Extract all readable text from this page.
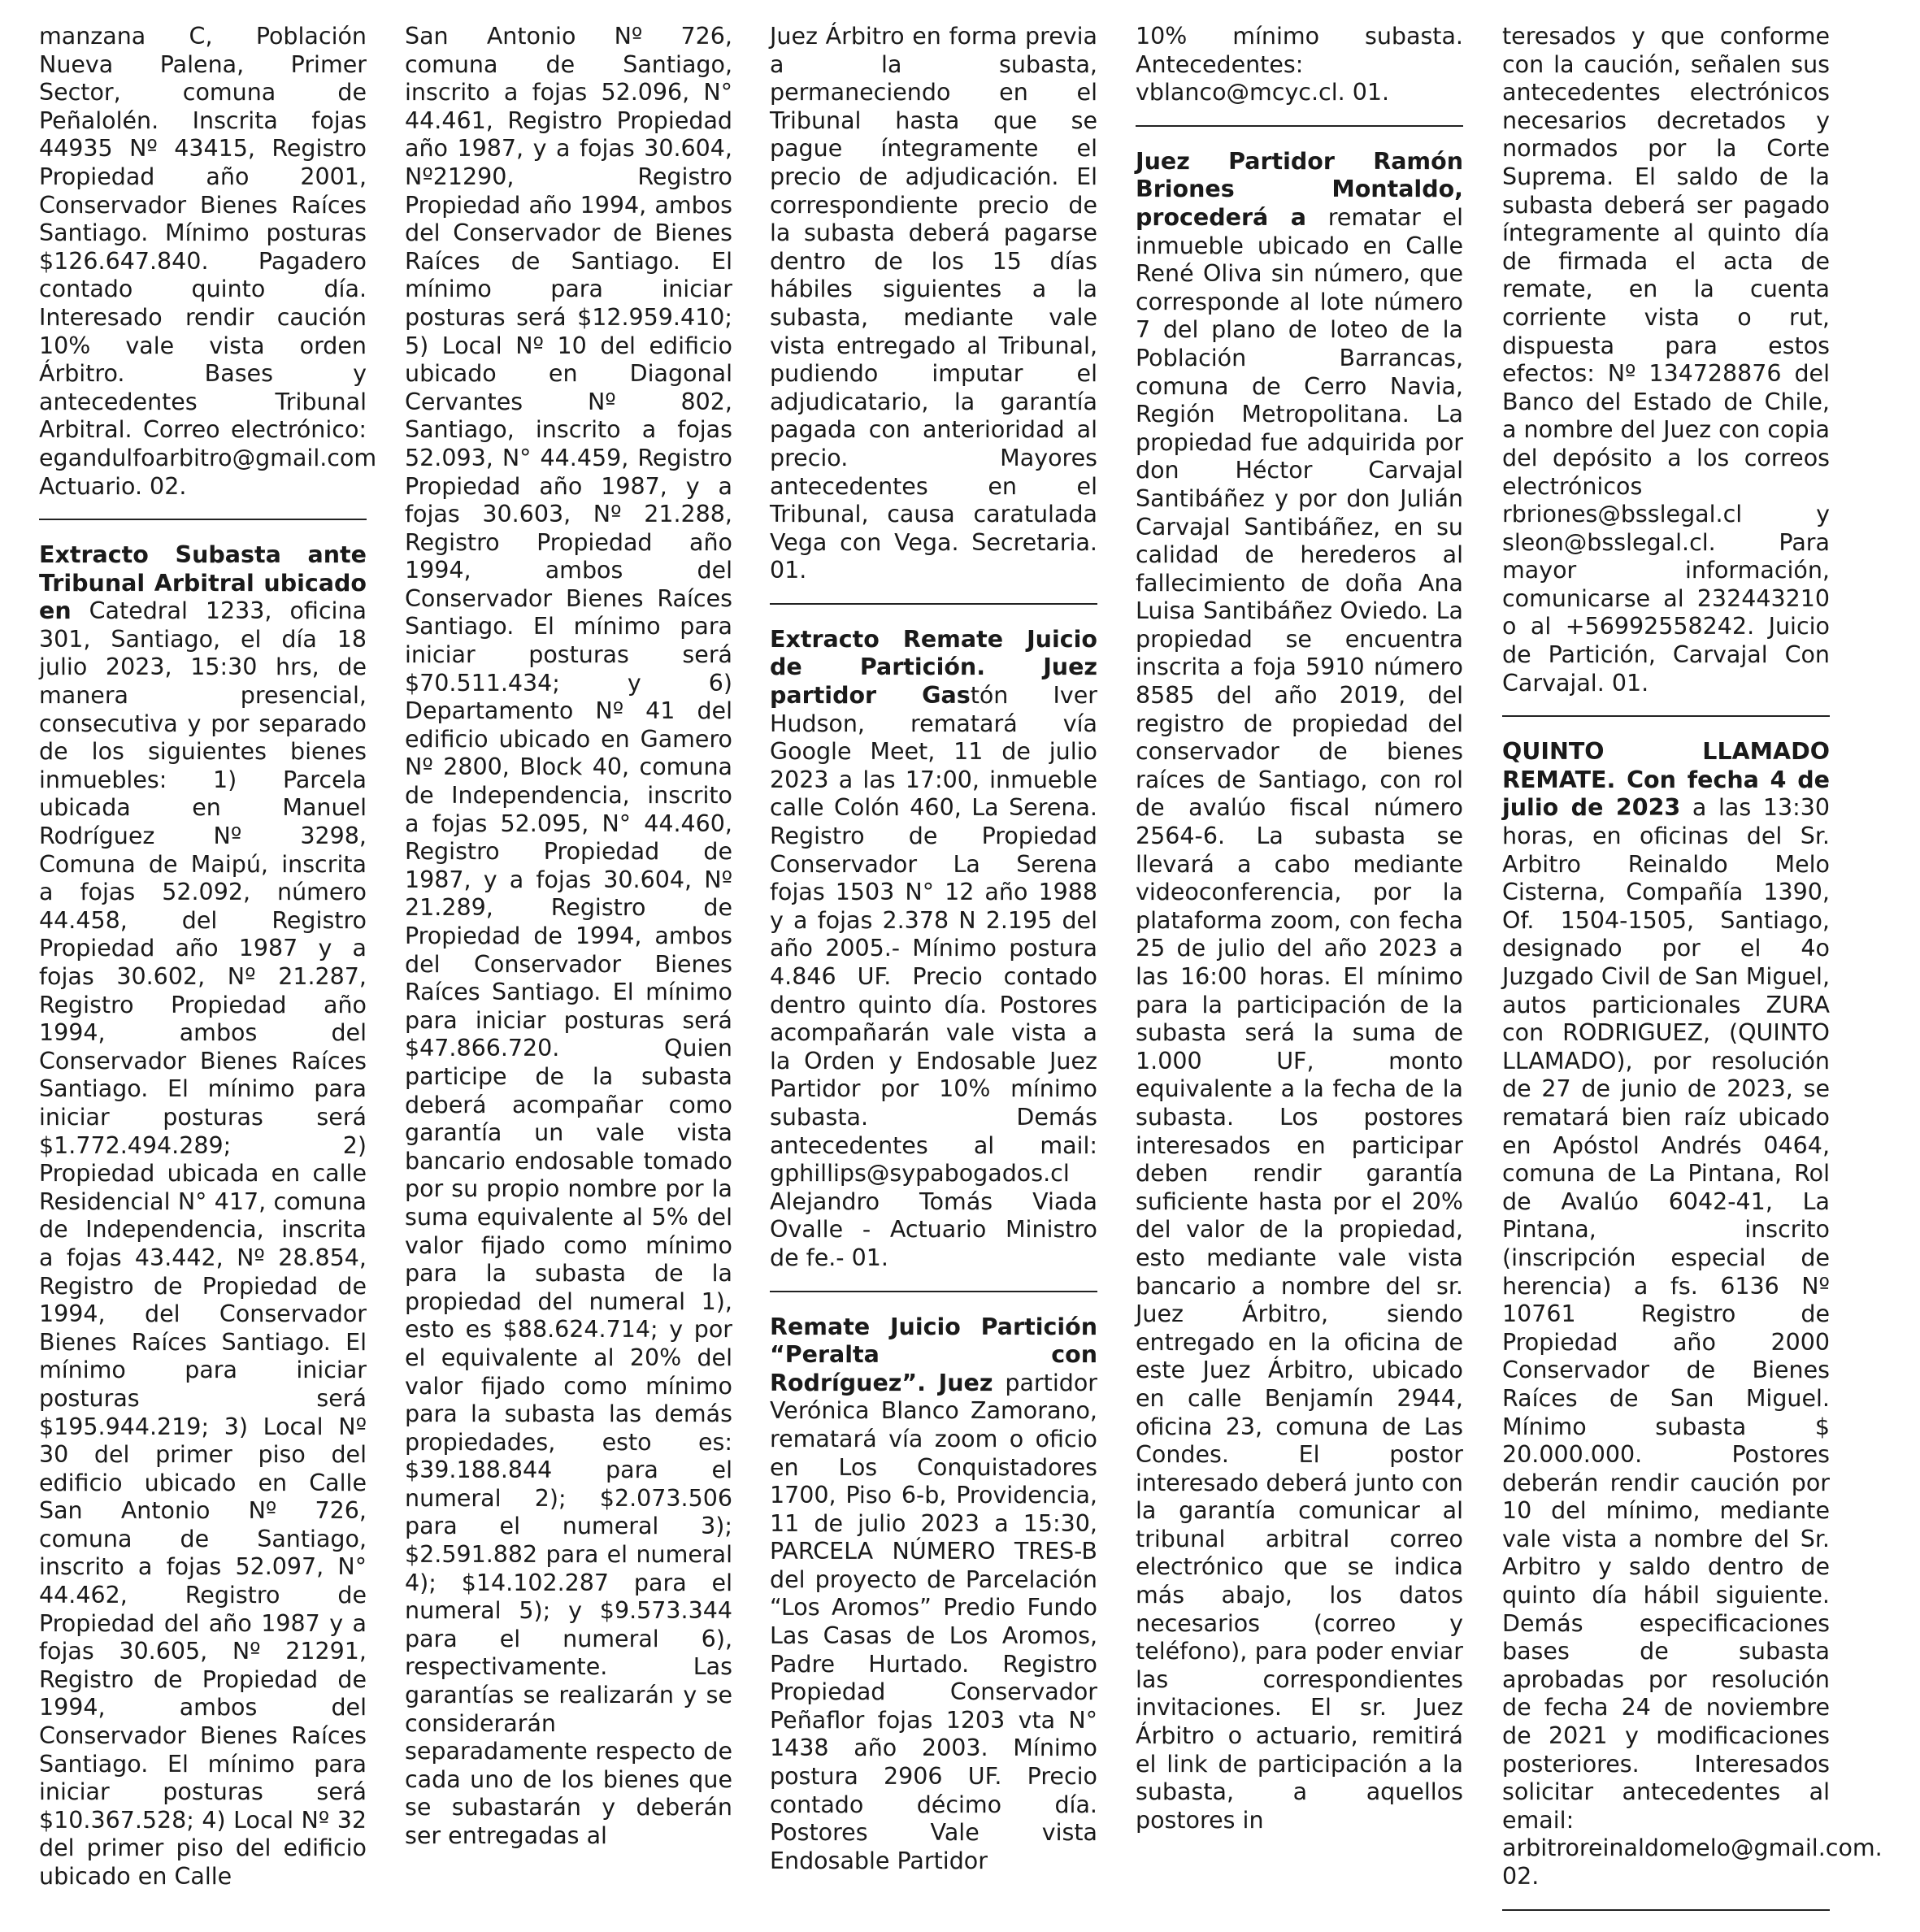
manzana C, Población Nueva Palena, Primer Sector, comuna de Peñalolén. Inscrita fojas 44935 Nº 43415, Registro Propiedad año 2001, Conservador Bienes Raíces Santiago. Mínimo posturas $126.647.840. Pagadero contado quinto día. Interesado rendir caución 10% vale vista orden Árbitro. Bases y antecedentes Tribunal Arbitral. Correo electrónico: egandulfoarbitro@gmail.com Actuario. 02.

Extracto Subasta ante Tribunal Arbitral ubicado en Catedral 1233, oficina 301, Santiago, el día 18 julio 2023, 15:30 hrs, de manera presencial, consecutiva y por separado de los siguientes bienes inmuebles: 1) Parcela ubicada en Manuel Rodríguez Nº 3298, Comuna de Maipú, inscrita a fojas 52.092, número 44.458, del Registro Propiedad año 1987 y a fojas 30.602, Nº 21.287, Registro Propiedad año 1994, ambos del Conservador Bienes Raíces Santiago. El mínimo para iniciar posturas será $1.772.494.289; 2) Propiedad ubicada en calle Residencial N° 417, comuna de Independencia, inscrita a fojas 43.442, Nº 28.854, Registro de Propiedad de 1994, del Conservador Bienes Raíces Santiago. El mínimo para iniciar posturas será $195.944.219; 3) Local Nº 30 del primer piso del edificio ubicado en Calle San Antonio Nº 726, comuna de Santiago, inscrito a fojas 52.097, N° 44.462, Registro de Propiedad del año 1987 y a fojas 30.605, Nº 21291, Registro de Propiedad de 1994, ambos del Conservador Bienes Raíces Santiago. El mínimo para iniciar posturas será $10.367.528; 4) Local Nº 32 del primer piso del edificio ubicado en Calle

San Antonio Nº 726, comuna de Santiago, inscrito a fojas 52.096, N° 44.461, Registro Propiedad año 1987, y a fojas 30.604, Nº21290, Registro Propiedad año 1994, ambos del Conservador de Bienes Raíces de Santiago. El mínimo para iniciar posturas será $12.959.410; 5) Local Nº 10 del edificio ubicado en Diagonal Cervantes Nº 802, Santiago, inscrito a fojas 52.093, N° 44.459, Registro Propiedad año 1987, y a fojas 30.603, Nº 21.288, Registro Propiedad año 1994, ambos del Conservador Bienes Raíces Santiago. El mínimo para iniciar posturas será $70.511.434; y 6) Departamento Nº 41 del edificio ubicado en Gamero Nº 2800, Block 40, comuna de Independencia, inscrito a fojas 52.095, N° 44.460, Registro Propiedad de 1987, y a fojas 30.604, Nº 21.289, Registro de Propiedad de 1994, ambos del Conservador Bienes Raíces Santiago. El mínimo para iniciar posturas será $47.866.720. Quien participe de la subasta deberá acompañar como garantía un vale vista bancario endosable tomado por su propio nombre por la suma equivalente al 5% del valor fijado como mínimo para la subasta de la propiedad del numeral 1), esto es $88.624.714; y por el equivalente al 20% del valor fijado como mínimo para la subasta las demás propiedades, esto es: $39.188.844 para el numeral 2); $2.073.506 para el numeral 3); $2.591.882 para el numeral 4); $14.102.287 para el numeral 5); y $9.573.344 para el numeral 6), respectivamente. Las garantías se realizarán y se considerarán separadamente respecto de cada uno de los bienes que se subastarán y deberán ser entregadas al

Juez Árbitro en forma previa a la subasta, permaneciendo en el Tribunal hasta que se pague íntegramente el precio de adjudicación. El correspondiente precio de la subasta deberá pagarse dentro de los 15 días hábiles siguientes a la subasta, mediante vale vista entregado al Tribunal, pudiendo imputar el adjudicatario, la garantía pagada con anterioridad al precio. Mayores antecedentes en el Tribunal, causa caratulada Vega con Vega. Secretaria. 01.

Extracto Remate Juicio de Partición. Juez partidor Gastón Iver Hudson, rematará vía Google Meet, 11 de julio 2023 a las 17:00, inmueble calle Colón 460, La Serena. Registro de Propiedad Conservador La Serena fojas 1503 N° 12 año 1988 y a fojas 2.378 N 2.195 del año 2005.- Mínimo postura 4.846 UF. Precio contado dentro quinto día. Postores acompañarán vale vista a la Orden y Endosable Juez Partidor por 10% mínimo subasta. Demás antecedentes al mail: gphillips@sypabogados.cl Alejandro Tomás Viada Ovalle - Actuario Ministro de fe.- 01.

Remate Juicio Partición “Peralta con Rodríguez”. Juez partidor Verónica Blanco Zamorano, rematará vía zoom o oficio en Los Conquistadores 1700, Piso 6-b, Providencia, 11 de julio 2023 a 15:30, PARCELA NÚMERO TRES-B del proyecto de Parcelación “Los Aromos” Predio Fundo Las Casas de Los Aromos, Padre Hurtado. Registro Propiedad Conservador Peñaflor fojas 1203 vta N° 1438 año 2003. Mínimo postura 2906 UF. Precio contado décimo día. Postores Vale vista Endosable Partidor

10% mínimo subasta. Antecedentes: vblanco@mcyc.cl. 01.

Juez Partidor Ramón Briones Montaldo, procederá a rematar el inmueble ubicado en Calle René Oliva sin número, que corresponde al lote número 7 del plano de loteo de la Población Barrancas, comuna de Cerro Navia, Región Metropolitana. La propiedad fue adquirida por don Héctor Carvajal Santibáñez y por don Julián Carvajal Santibáñez, en su calidad de herederos al fallecimiento de doña Ana Luisa Santibáñez Oviedo. La propiedad se encuentra inscrita a foja 5910 número 8585 del año 2019, del registro de propiedad del conservador de bienes raíces de Santiago, con rol de avalúo fiscal número 2564-6. La subasta se llevará a cabo mediante videoconferencia, por la plataforma zoom, con fecha 25 de julio del año 2023 a las 16:00 horas. El mínimo para la participación de la subasta será la suma de 1.000 UF, monto equivalente a la fecha de la subasta. Los postores interesados en participar deben rendir garantía suficiente hasta por el 20% del valor de la propiedad, esto mediante vale vista bancario a nombre del sr. Juez Árbitro, siendo entregado en la oficina de este Juez Árbitro, ubicado en calle Benjamín 2944, oficina 23, comuna de Las Condes. El postor interesado deberá junto con la garantía comunicar al tribunal arbitral correo electrónico que se indica más abajo, los datos necesarios (correo y teléfono), para poder enviar las correspondientes invitaciones. El sr. Juez Árbitro o actuario, remitirá el link de participación a la subasta, a aquellos postores in

teresados y que conforme con la caución, señalen sus antecedentes electrónicos necesarios decretados y normados por la Corte Suprema. El saldo de la subasta deberá ser pagado íntegramente al quinto día de firmada el acta de remate, en la cuenta corriente vista o rut, dispuesta para estos efectos: Nº 134728876 del Banco del Estado de Chile, a nombre del Juez con copia del depósito a los correos electrónicos rbriones@bsslegal.cl y sleon@bsslegal.cl. Para mayor información, comunicarse al 232443210 o al +56992558242. Juicio de Partición, Carvajal Con Carvajal. 01.

QUINTO LLAMADO REMATE. Con fecha 4 de julio de 2023 a las 13:30 horas, en oficinas del Sr. Arbitro Reinaldo Melo Cisterna, Compañía 1390, Of. 1504-1505, Santiago, designado por el 4o Juzgado Civil de San Miguel, autos particionales ZURA con RODRIGUEZ, (QUINTO LLAMADO), por resolución de 27 de junio de 2023, se rematará bien raíz ubicado en Apóstol Andrés 0464, comuna de La Pintana, Rol de Avalúo 6042-41, La Pintana, inscrito (inscripción especial de herencia) a fs. 6136 Nº 10761 Registro de Propiedad año 2000 Conservador de Bienes Raíces de San Miguel. Mínimo subasta $ 20.000.000. Postores deberán rendir caución por 10 del mínimo, mediante vale vista a nombre del Sr. Arbitro y saldo dentro de quinto día hábil siguiente. Demás especificaciones bases de subasta aprobadas por resolución de fecha 24 de noviembre de 2021 y modificaciones posteriores. Interesados solicitar antecedentes al email: arbitroreinaldomelo@gmail.com. 02.
